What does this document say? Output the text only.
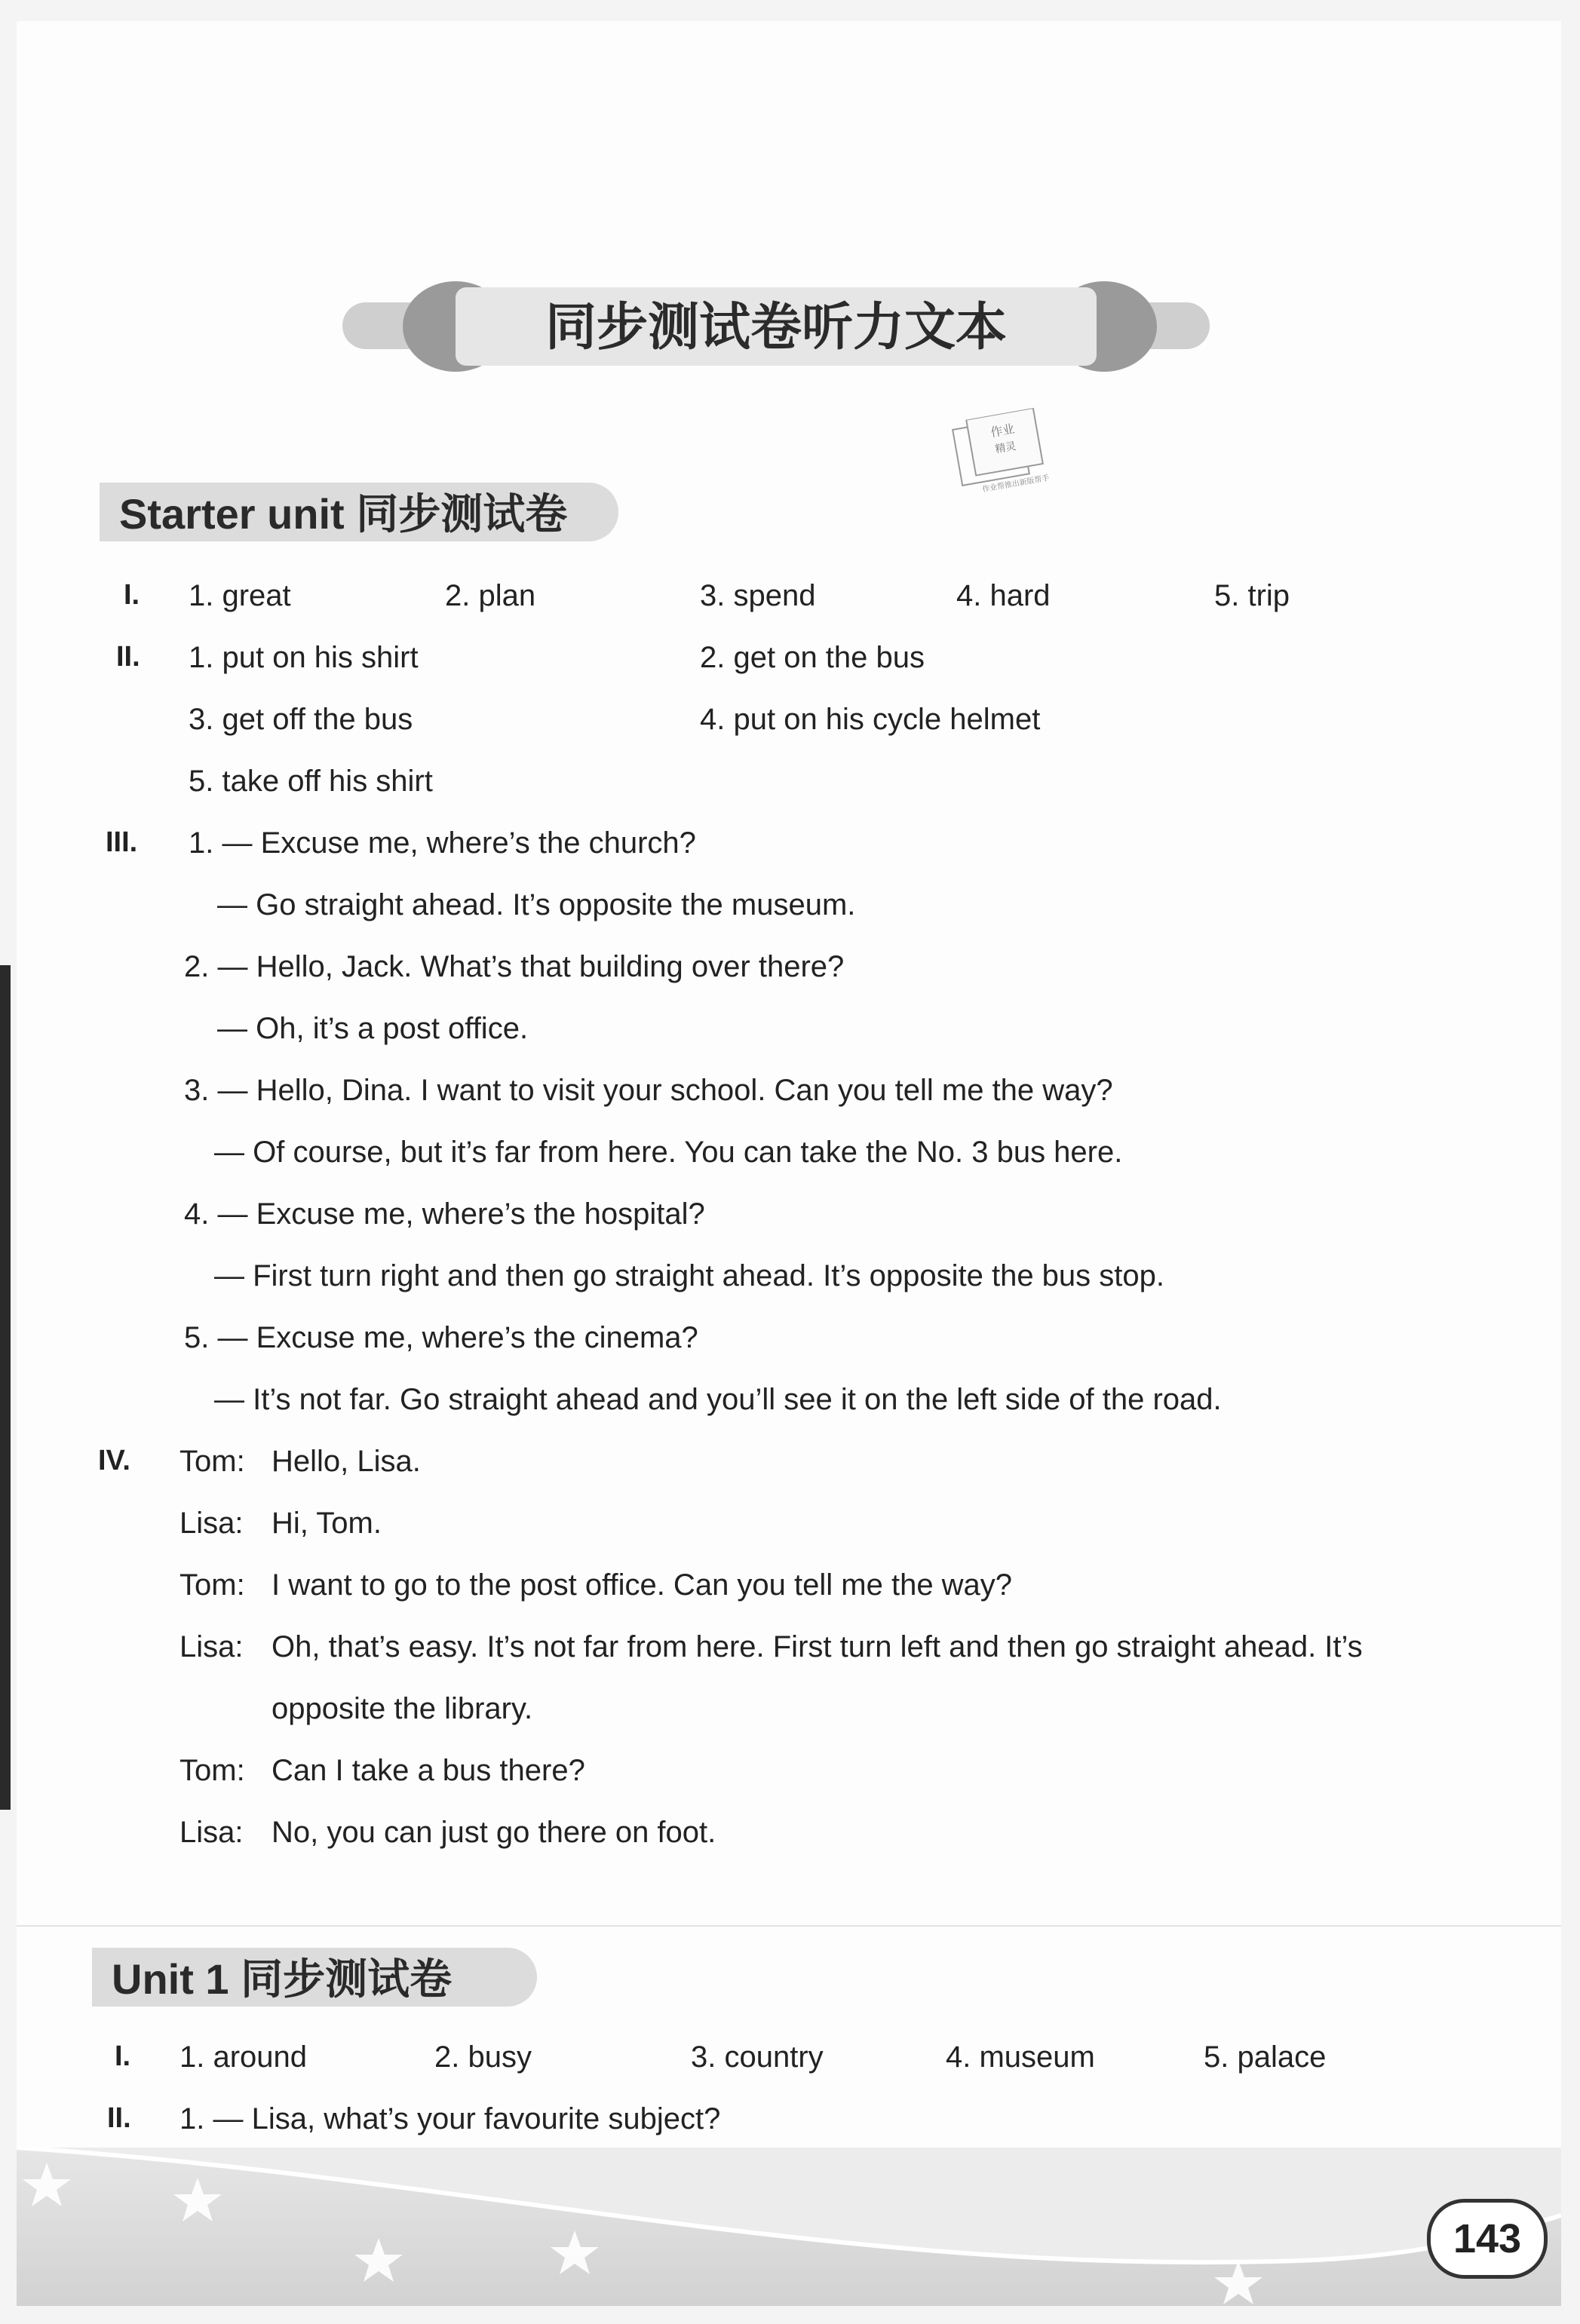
同步测试卷听力文本
作业
精灵
作业帮推出新版帮手
Starter unit 同步测试卷
I. 1. great	2. plan	3. spend	4. hard	5. trip
II. 1. put on his shirt	2. get on the bus
3. get off the bus	4. put on his cycle helmet
5. take off his shirt
III. 1. — Excuse me, where’s the church?
— Go straight ahead. It’s opposite the museum.
2. — Hello, Jack. What’s that building over there?
— Oh, it’s a post office.
3. — Hello, Dina. I want to visit your school. Can you tell me the way?
— Of course, but it’s far from here. You can take the No. 3 bus here.
4. — Excuse me, where’s the hospital?
— First turn right and then go straight ahead. It’s opposite the bus stop.
5. — Excuse me, where’s the cinema?
— It’s not far. Go straight ahead and you’ll see it on the left side of the road.
IV. Tom: Hello, Lisa.
Lisa: Hi, Tom.
Tom: I want to go to the post office. Can you tell me the way?
Lisa: Oh, that’s easy. It’s not far from here. First turn left and then go straight ahead. It’s
opposite the library.
Tom: Can I take a bus there?
Lisa: No, you can just go there on foot.
Unit 1 同步测试卷
I. 1. around	2. busy	3. country	4. museum	5. palace
II. 1. — Lisa, what’s your favourite subject?
143
